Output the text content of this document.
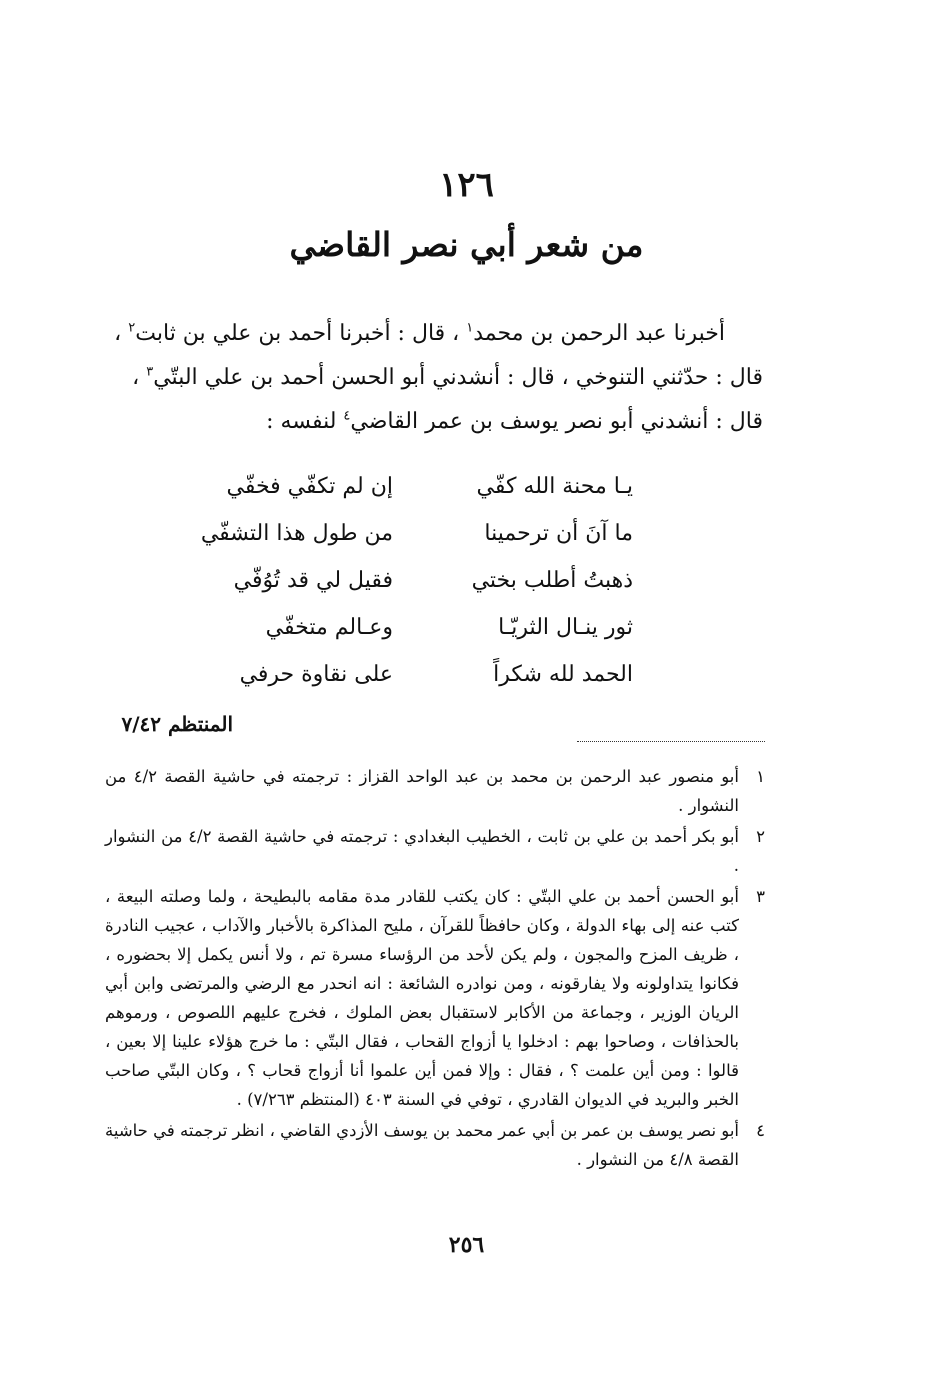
١٢٦
من شعر أبي نصر القاضي
أخبرنا عبد الرحمن بن محمد$^١$ ، قال : أخبرنا أحمد بن علي بن ثابت$^٢$ ،
قال : حدّثني التنوخي ، قال : أنشدني أبو الحسن أحمد بن علي البتّي$^٣$ ،
قال : أنشدني أبو نصر يوسف بن عمر القاضي$^٤$ لنفسه :
يـا محنة الله كفّي
إن لم تكفّي فخفّي
ما آنَ أن ترحمينا
من طول هذا التشفّي
ذهبتُ أطلب بختي
فقيل لي قد تُوُفّي
ثور ينـال الثريّـا
وعـالم متخفّي
الحمد لله شكراً
على نقاوة حرفي
المنتظم ٧/٤٢
١
أبو منصور عبد الرحمن بن محمد بن عبد الواحد القزاز : ترجمته في حاشية القصة ٤/٢ من النشوار .
٢
أبو بكر أحمد بن علي بن ثابت ، الخطيب البغدادي : ترجمته في حاشية القصة ٤/٢ من النشوار .
٣
أبو الحسن أحمد بن علي البتّي : كان يكتب للقادر مدة مقامه بالبطيحة ، ولما وصلته البيعة ، كتب عنه إلى بهاء الدولة ، وكان حافظاً للقرآن ، مليح المذاكرة بالأخبار والآداب ، عجيب النادرة ، ظريف المزح والمجون ، ولم يكن لأحد من الرؤساء مسرة تم ، ولا أنس يكمل إلا بحضوره ، فكانوا يتداولونه ولا يفارقونه ، ومن نوادره الشائعة : انه انحدر مع الرضي والمرتضى وابن أبي الريان الوزير ، وجماعة من الأكابر لاستقبال بعض الملوك ، فخرج عليهم اللصوص ، ورموهم بالحذافات ، وصاحوا بهم : ادخلوا يا أزواج القحاب ، فقال البتّي : ما خرج هؤلاء علينا إلا بعين ، قالوا : ومن أين علمت ؟ ، فقال : وإلا فمن أين علموا أنا أزواج قحاب ؟ ، وكان البتّي صاحب الخبر والبريد في الديوان القادري ، توفي في السنة ٤٠٣ (المنتظم ٧/٢٦٣) .
٤
أبو نصر يوسف بن عمر بن أبي عمر محمد بن يوسف الأزدي القاضي ، انظر ترجمته في حاشية القصة ٤/٨ من النشوار .
٢٥٦
